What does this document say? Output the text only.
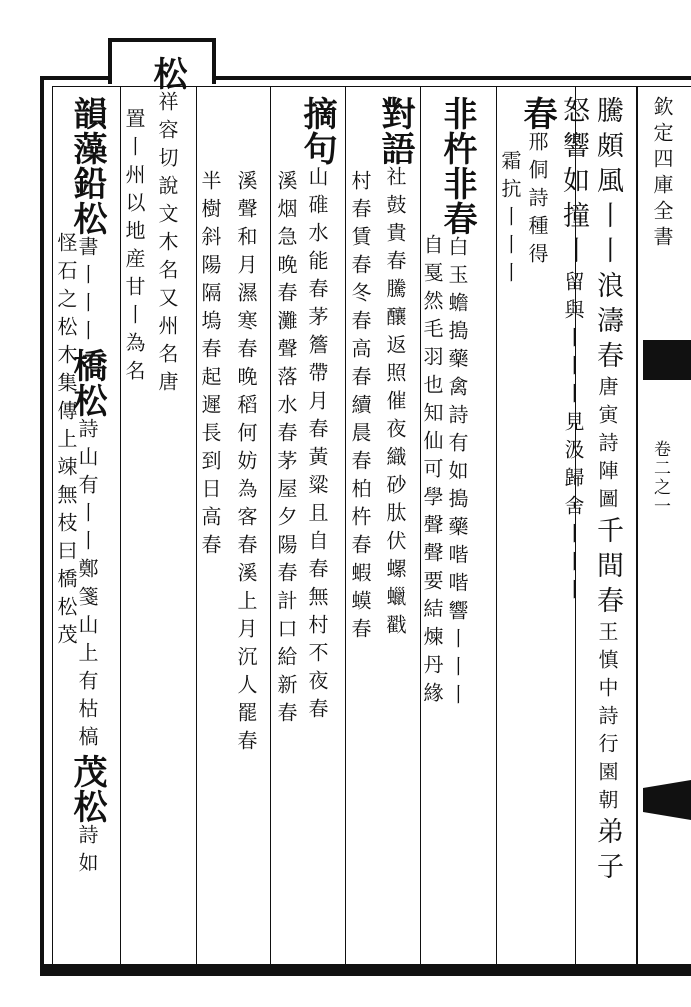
欽定四庫全書
卷二之一
騰頗風丨丨浪濤春唐寅詩陣圖千間春王慎中詩行園朝弟子
怒響如撞丨留與丨丨丨見汲歸舍丨丨丨
春邢侗詩種得
霜抗丨丨丨
非杵非春白玉蟾搗藥禽詩有如搗藥喈喈響丨丨丨
自戛然毛羽也知仙可學聲聲要結煉丹緣
對語社鼓貴春騰釀返照催夜織砂肽伏螺蠟戳
村春賃春冬春高春續晨春柏杵春蝦蟆春
摘句山碓水能春茅簷帶月春黃粱且自春無村不夜春
溪烟急晚春灘聲落水春茅屋夕陽春計口給新春
溪聲和月濕寒春晚稻何妨為客春溪上月沉人罷春
半樹斜陽隔塢春起遲長到日高春
松祥容切說文木名又州名唐
置丨州以地産甘丨為名
韻藻鉛松書丨丨丨橋松詩山有丨丨鄭箋山上有枯槁茂松詩如
怪石之松木集傳上竦無枝曰橋松茂
